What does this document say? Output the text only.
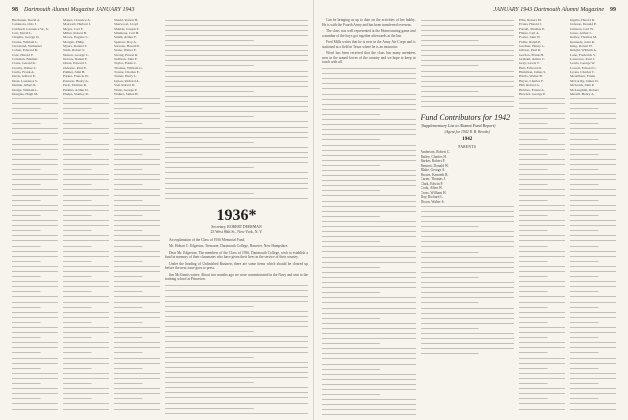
98 Dartmouth Alumni Magazine JANUARY 1943
Buchanan, David A.
Calderara, Orio J.
Caldwell, Laurence W., Jr.
Carr, David L.
Chaplin, George D.
Clarke, William L.
Cleveland, Nathaniel
Cohen, Edward B.
Cole, Harold F.
Coleman, Emmett
Crane, Gerald R.
Crosby, Walter C.
Curtis, Frank A.
Davis, Gilbert E.
Dean, Laurence S.
Dennis, Albert R.
Dodge, William L.
Douglas, Hugh M.
Mapes, Clarence A.
Maxwell, Herbert J.
Meyer, Carl F.
Miller, Robert B.
Moore, Eugene L.
Morgan, Philip
Myers, Roland T.
Nash, Robert S.
Nelson, George C.
Norton, Daniel F.
Olson, Edward J.
Osborne, Paul E.
Palmer, John B.
Parker, Francis W.
Pearson, Henry A.
Peck, Thomas R.
Perkins, Arthur D.
Phelps, Stanley R.
Shedd, Robert H.
Sherwood, Lloyd
Shields, Joseph T.
Simmons, Carl H.
Smith, Arthur F.
Spencer, Roy A.
Stevens, Harold P.
Stone, Walter E.
Strong, Ernest R.
Sullivan, John F.
Taylor, Frank C.
Thomas, William G.
Towne, Charles E.
Turner, Harry L.
Upton, Richard A.
Vail, Robert D.
Wade, George P.
Walker, James H.
1936*
Secretary, ROBERT DEERMAN
23 West 86th St., New York, N. Y.

An explanation of the Class of 1936 Memorial Fund.

Mr. Hobart C. Edgerton, Treasurer, Dartmouth College, Hanover, New Hampshire.

Dear Mr. Edgerton: The members of the Class of 1936, Dartmouth College, wish to establish a fund in memory of their classmates who have given their lives in the service of their country.

Under the heading of Unfinished Business there are some items which should be cleared up before the next issue goes to press.

Jim McGinnis writes: About two months ago we were commissioned in the Navy and sent to the training school at Princeton.

JANUARY 1943 Dartmouth Alumni Magazine 99

Can be bringing us up to date on the activities of her hubby. He is with the Fourth Army and has been transferred overseas.

The class was well represented at the Homecoming game and a number of the boys got together afterwards at the Inn.

Fred Mills writes that he is now in the Army Air Corps and is stationed at a field in Texas where he is an instructor.

Word has been received that the class has many members now in the armed forces of the country and we hope to keep in touch with all.

Fund Contributors for 1942
(Supplementary List to Alumni Fund Report)
(Agent for 1942 R. B. Brooks)
1942
PARENTS
Anderson, Robert C.
Bailey, Charles H.
Barker, Robert F.
Bennett, Donald W.
Blake, George A.
Brown, Kenneth R.
Carter, Thomas J.
Clark, Edwin P.
Cook, Allen W.
Cross, William H.
Day, Richard L.
Dixon, Walter S.
Ellis, Robert M.
Evans, Harold J.
Farrell, Thomas E.
Fisher, Carl A.
Foster, John W.
Fuller, Ralph E.
Gardner, Henry L.
Gibson, Paul R.
Gordon, Frank H.
Graham, Arthur C.
Gray, Lewis T.
Hall, Edward D.
Hamilton, James S.
Harris, Walter B.
Hayes, Charles F.
Hill, Robert G.
Holmes, Ernest A.
Howard, George P.
Ingalls, Harold R.
Jackson, Donald E.
Johnson, Carl W.
Jones, Arthur L.
Kelley, Thomas M.
Kennedy, John R.
King, Robert H.
Knight, William A.
Lane, Frederick S.
Lawrence, Paul J.
Lewis, George W.
Lowell, Edward C.
Lyons, Charles T.
McAllister, Frank
McCarthy, James D.
McGrath, John P.
McLaughlin, Robert
Merrill, Henry A.
